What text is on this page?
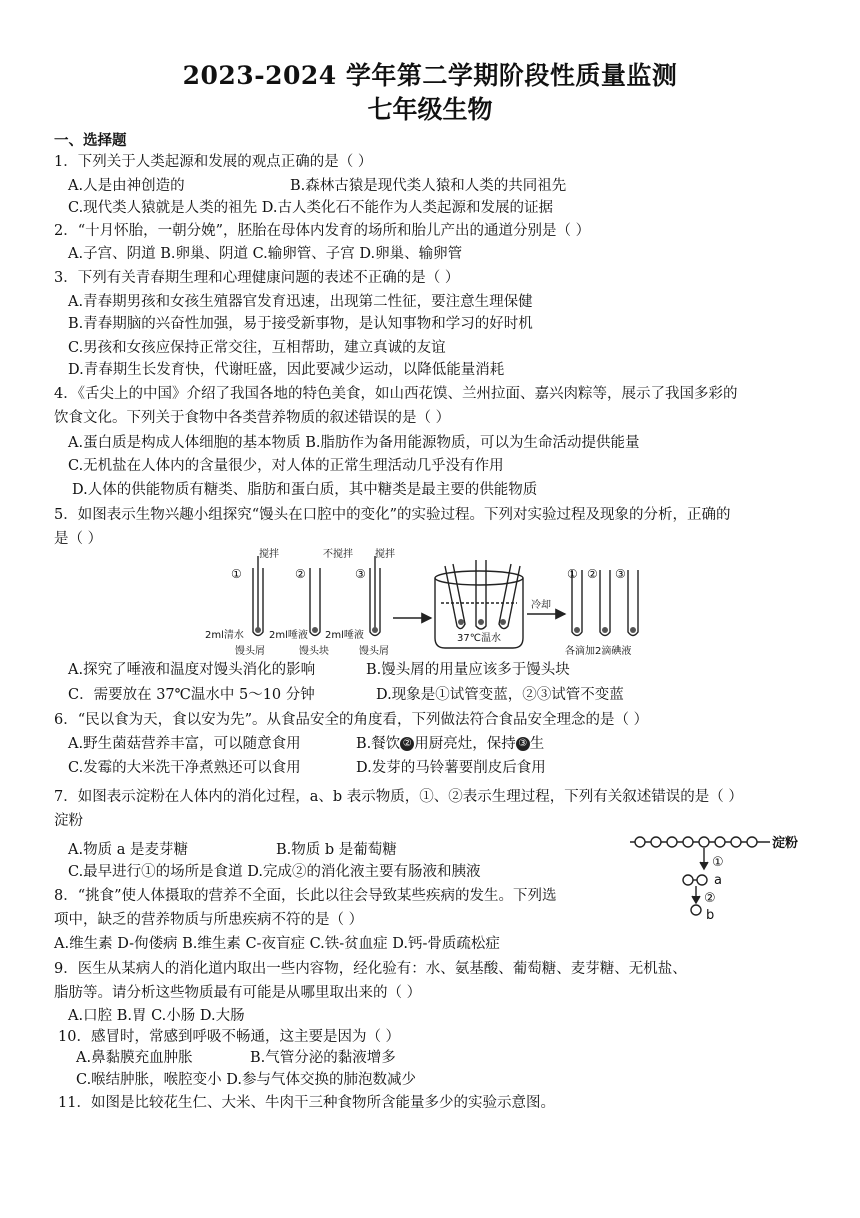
2023-2024 学年第二学期阶段性质量监测
七年级生物
一、选择题
1．下列关于人类起源和发展的观点正确的是（ ）
A.人是由神创造的	B.森林古猿是现代类人猿和人类的共同祖先
C.现代类人猿就是人类的祖先 D.古人类化石不能作为人类起源和发展的证据
2．“十月怀胎，一朝分娩”，胚胎在母体内发育的场所和胎儿产出的通道分别是（ ）
A.子宫、阴道 B.卵巢、阴道 C.输卵管、子宫 D.卵巢、输卵管
3．下列有关青春期生理和心理健康问题的表述不正确的是（ ）
A.青春期男孩和女孩生殖器官发育迅速，出现第二性征，要注意生理保健
B.青春期脑的兴奋性加强，易于接受新事物，是认知事物和学习的好时机
C.男孩和女孩应保持正常交往，互相帮助，建立真诚的友谊
D.青春期生长发育快，代谢旺盛，因此要减少运动，以降低能量消耗
4．《舌尖上的中国》介绍了我国各地的特色美食，如山西花馍、兰州拉面、嘉兴肉粽等，展示了我国多彩的
饮食文化。下列关于食物中各类营养物质的叙述错误的是（ ）
A.蛋白质是构成人体细胞的基本物质 B.脂肪作为备用能源物质，可以为生命活动提供能量
C.无机盐在人体内的含量很少，对人体的正常生理活动几乎没有作用
D.人体的供能物质有糖类、脂肪和蛋白质，其中糖类是最主要的供能物质
5．如图表示生物兴趣小组探究“馒头在口腔中的变化”的实验过程。下列对实验过程及现象的分析，正确的
是（ ）
搅拌	不搅拌 搅拌
①	②	③
2ml清水	2ml唾液 2ml唾液
馒头屑	馒头块	馒头屑
37℃温水
冷却
① ② ③
各滴加2滴碘液
A.探究了唾液和温度对馒头消化的影响	B.馒头屑的用量应该多于馒头块
C．需要放在 37℃温水中 5～10 分钟	D.现象是①试管变蓝，②③试管不变蓝
6．“民以食为天，食以安为先”。从食品安全的角度看，下列做法符合食品安全理念的是（ ）
A.野生菌菇营养丰富，可以随意食用	B.餐饮 ② 用厨亮灶，保持 ③ 生
C.发霉的大米洗干净煮熟还可以食用	D.发芽的马铃薯要削皮后食用
7．如图表示淀粉在人体内的消化过程，a、b 表示物质，①、②表示生理过程，下列有关叙述错误的是（ ）
淀粉
A.物质 a 是麦芽糖	B.物质 b 是葡萄糖
C.最早进行①的场所是食道 D.完成②的消化液主要有肠液和胰液
淀粉
①
a
②
b
8．“挑食”使人体摄取的营养不全面，长此以往会导致某些疾病的发生。下列选
项中，缺乏的营养物质与所患疾病不符的是（ ）
A.维生素 D-佝偻病 B.维生素 C-夜盲症 C.铁-贫血症 D.钙-骨质疏松症
9．医生从某病人的消化道内取出一些内容物，经化验有：水、氨基酸、葡萄糖、麦芽糖、无机盐、
脂肪等。请分析这些物质最有可能是从哪里取出来的（ ）
A.口腔 B.胃 C.小肠 D.大肠
10．感冒时，常感到呼吸不畅通，这主要是因为（ ）
A.鼻黏膜充血肿胀	B.气管分泌的黏液增多
C.喉结肿胀，喉腔变小 D.参与气体交换的肺泡数减少
11．如图是比较花生仁、大米、牛肉干三种食物所含能量多少的实验示意图。
